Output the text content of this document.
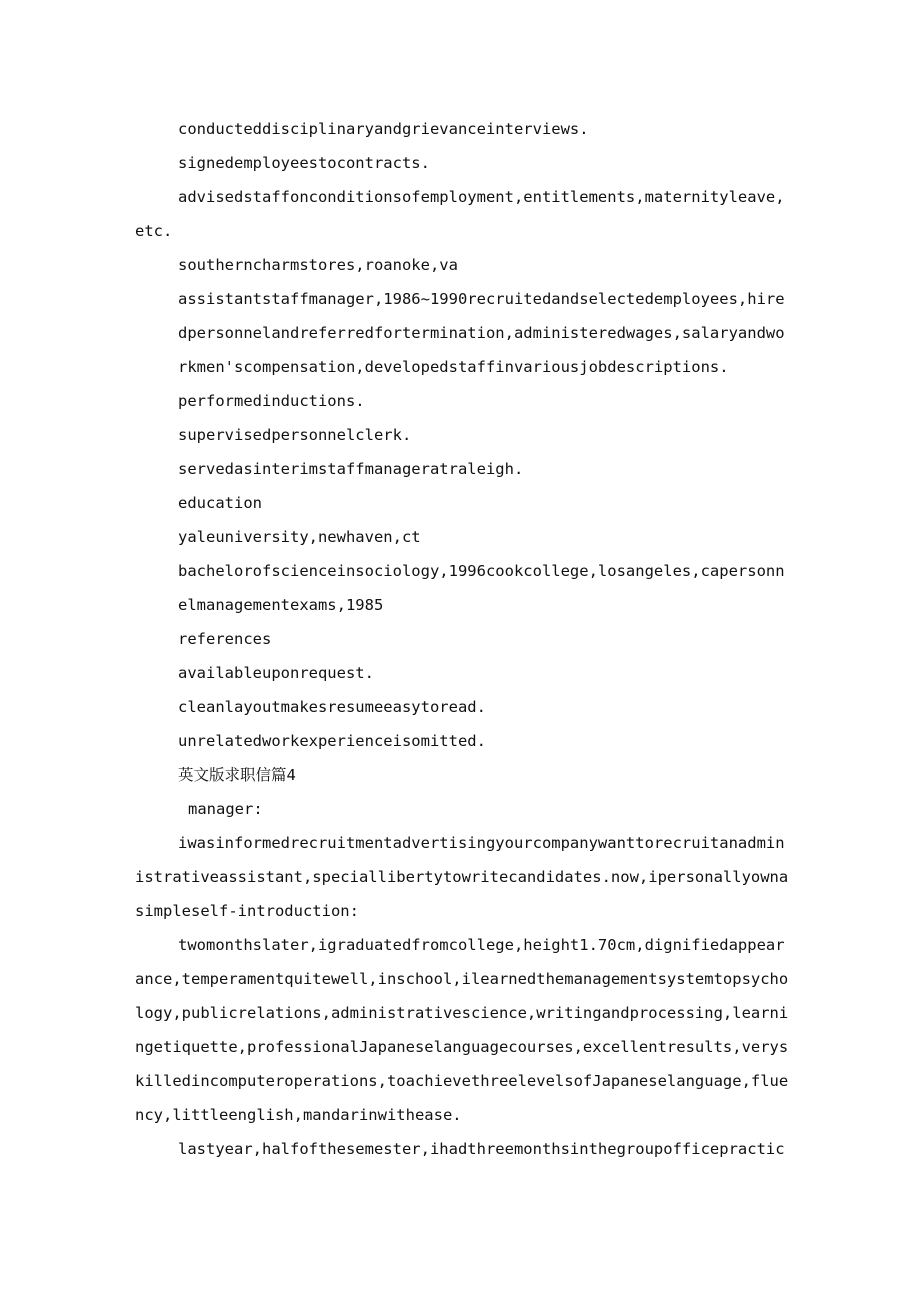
conducteddisciplinaryandgrievanceinterviews.
signedemployeestocontracts.
advisedstaffonconditionsofemployment,entitlements,maternityleave,
etc.
southerncharmstores,roanoke,va
assistantstaffmanager,1986~1990recruitedandselectedemployees,hire
dpersonnelandreferredfortermination,administeredwages,salaryandwo
rkmen'scompensation,developedstaffinvariousjobdescriptions.
performedinductions.
supervisedpersonnelclerk.
servedasinterimstaffmanageratraleigh.
education
yaleuniversity,newhaven,ct
bachelorofscienceinsociology,1996cookcollege,losangeles,capersonn
elmanagementexams,1985
references
availableuponrequest.
cleanlayoutmakesresumeeasytoread.
unrelatedworkexperienceisomitted.
英文版求职信篇4
manager:
iwasinformedrecruitmentadvertisingyourcompanywanttorecruitanadmin
istrativeassistant,speciallibertytowritecandidates.now,ipersonallyowna
simpleself-introduction:
twomonthslater,igraduatedfromcollege,height1.70cm,dignifiedappear
ance,temperamentquitewell,inschool,ilearnedthemanagementsystemtopsycho
logy,publicrelations,administrativescience,writingandprocessing,learni
ngetiquette,professionalJapaneselanguagecourses,excellentresults,verys
killedincomputeroperations,toachievethreelevelsofJapaneselanguage,flue
ncy,littleenglish,mandarinwithease.
lastyear,halfofthesemester,ihadthreemonthsinthegroupofficepractic
